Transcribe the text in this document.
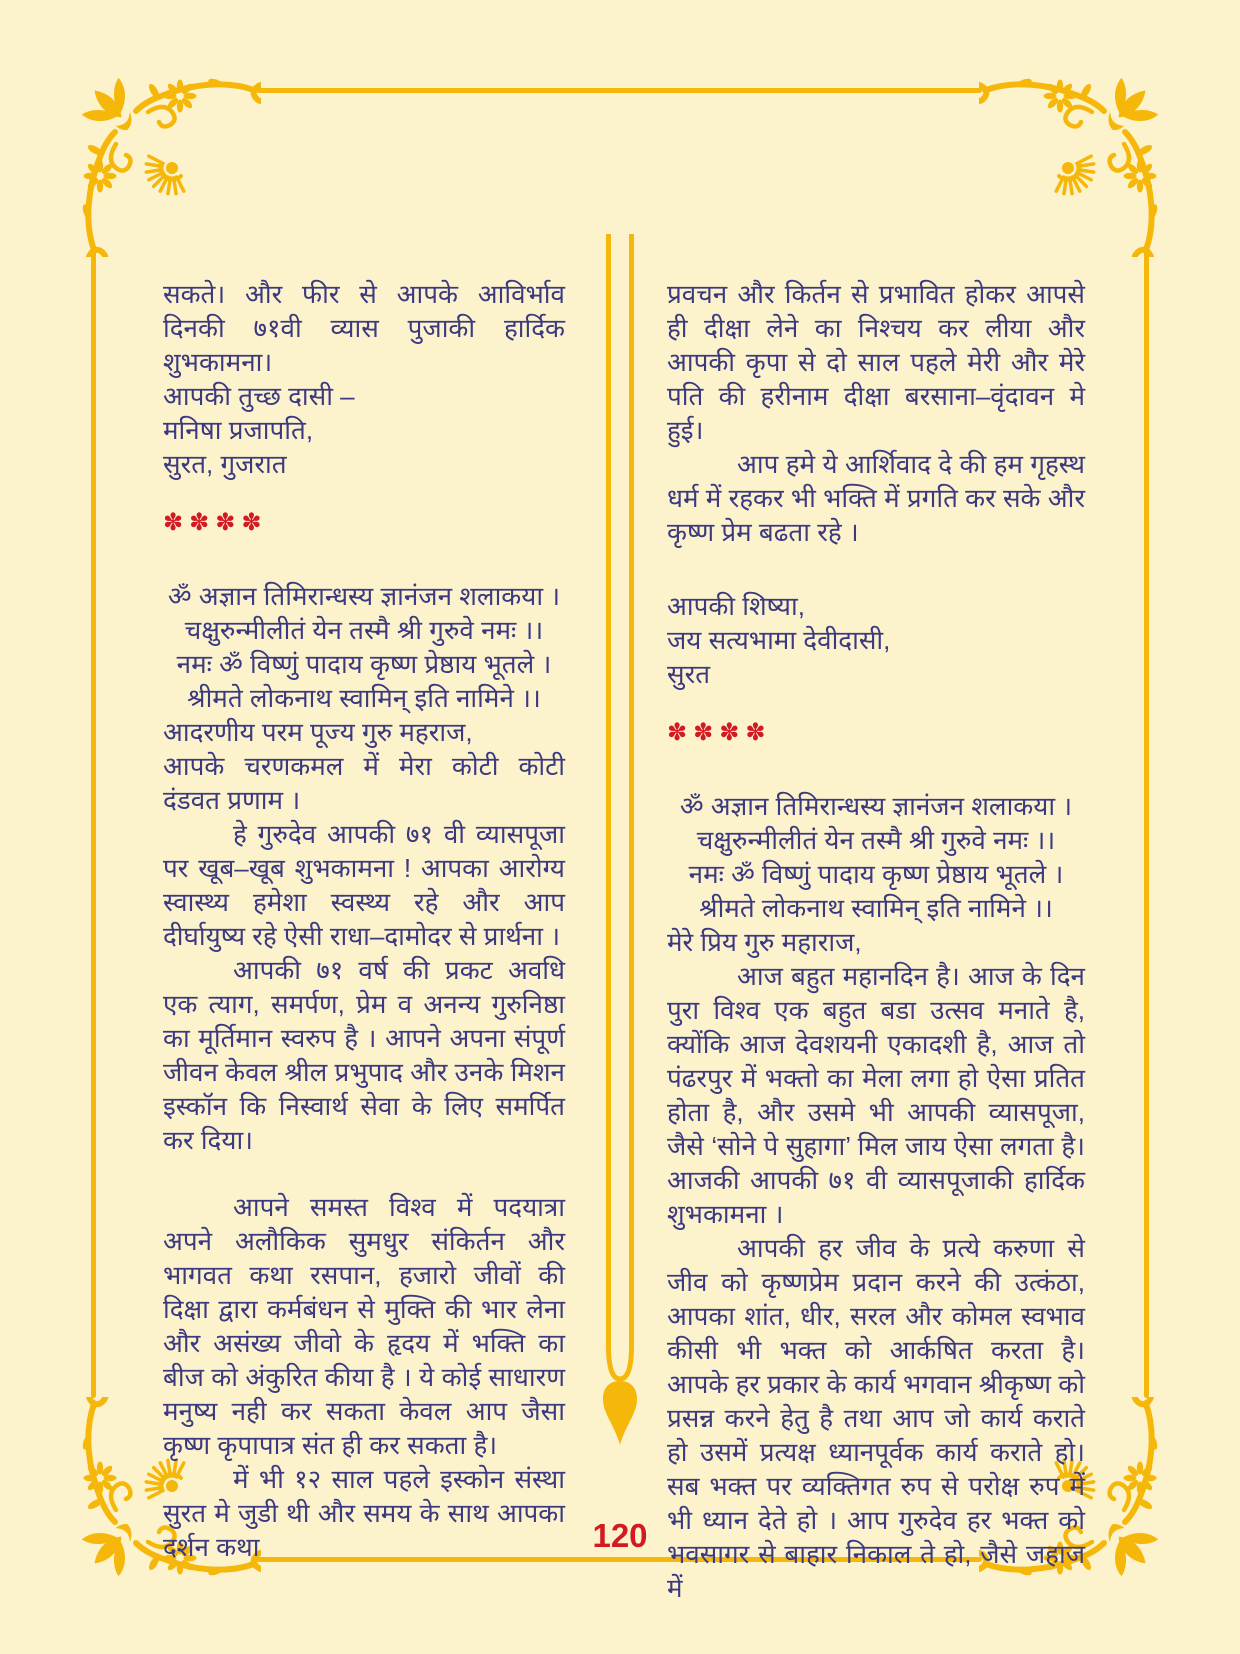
सकते। और फीर से आपके आविर्भाव दिनकी ७१वी व्यास पुजाकी हार्दिक शुभकामना।

आपकी तुच्छ दासी –

मनिषा प्रजापति,

सुरत, गुजरात

✽✽✽✽
ॐ अज्ञान तिमिरान्धस्य ज्ञानंजन शलाकया ।
चक्षुरुन्मीलीतं येन तस्मै श्री गुरुवे नमः ।।
नमः ॐ विष्णुं पादाय कृष्ण प्रेष्ठाय भूतले ।
श्रीमते लोकनाथ स्वामिन् इति नामिने ।।

आदरणीय परम पूज्य गुरु महराज,

आपके चरणकमल में मेरा कोटी कोटी दंडवत प्रणाम ।

हे गुरुदेव आपकी ७१ वी व्यासपूजा पर खूब–खूब शुभकामना ! आपका आरोग्य स्वास्थ्य हमेशा स्वस्थ्य रहे और आप दीर्घायुष्य रहे ऐसी राधा–दामोदर से प्रार्थना ।

आपकी ७१ वर्ष की प्रकट अवधि एक त्याग, समर्पण, प्रेम व अनन्य गुरुनिष्ठा का मूर्तिमान स्वरुप है । आपने अपना संपूर्ण जीवन केवल श्रील प्रभुपाद और उनके मिशन इस्कॉन कि निस्वार्थ सेवा के लिए समर्पित कर दिया।

आपने समस्त विश्व में पदयात्रा अपने अलौकिक सुमधुर संकिर्तन और भागवत कथा रसपान, हजारो जीवों की दिक्षा द्वारा कर्मबंधन से मुक्ति की भार लेना और असंख्य जीवो के हृदय में भक्ति का बीज को अंकुरित कीया है । ये कोई साधारण मनुष्य नही कर सकता केवल आप जैसा कृष्ण कृपापात्र संत ही कर सकता है।

में भी १२ साल पहले इस्कोन संस्था सुरत मे जुडी थी और समय के साथ आपका दर्शन कथा

प्रवचन और किर्तन से प्रभावित होकर आपसे ही दीक्षा लेने का निश्चय कर लीया और आपकी कृपा से दो साल पहले मेरी और मेरे पति की हरीनाम दीक्षा बरसाना–वृंदावन मे हुई।

आप हमे ये आर्शिवाद दे की हम गृहस्थ धर्म में रहकर भी भक्ति में प्रगति कर सके और कृष्ण प्रेम बढता रहे ।

आपकी शिष्या,

जय सत्यभामा देवीदासी,

सुरत

✽✽✽✽
ॐ अज्ञान तिमिरान्धस्य ज्ञानंजन शलाकया ।
चक्षुरुन्मीलीतं येन तस्मै श्री गुरुवे नमः ।।
नमः ॐ विष्णुं पादाय कृष्ण प्रेष्ठाय भूतले ।
श्रीमते लोकनाथ स्वामिन् इति नामिने ।।

मेरे प्रिय गुरु महाराज,

आज बहुत महानदिन है। आज के दिन पुरा विश्व एक बहुत बडा उत्सव मनाते है, क्योंकि आज देवशयनी एकादशी है, आज तो पंढरपुर में भक्तो का मेला लगा हो ऐसा प्रतित होता है, और उसमे भी आपकी व्यासपूजा, जैसे ‘सोने पे सुहागा’ मिल जाय ऐसा लगता है। आजकी आपकी ७१ वी व्यासपूजाकी हार्दिक शुभकामना ।

आपकी हर जीव के प्रत्ये करुणा से जीव को कृष्णप्रेम प्रदान करने की उत्कंठा, आपका शांत, धीर, सरल और कोमल स्वभाव कीसी भी भक्त को आर्कषित करता है। आपके हर प्रकार के कार्य भगवान श्रीकृष्ण को प्रसन्न करने हेतु है तथा आप जो कार्य कराते हो उसमें प्रत्यक्ष ध्यानपूर्वक कार्य कराते हो। सब भक्त पर व्यक्तिगत रुप से परोक्ष रुप में भी ध्यान देते हो । आप गुरुदेव हर भक्त को भवसागर से बाहार निकाल ते हो, जैसे जहाज में

120
